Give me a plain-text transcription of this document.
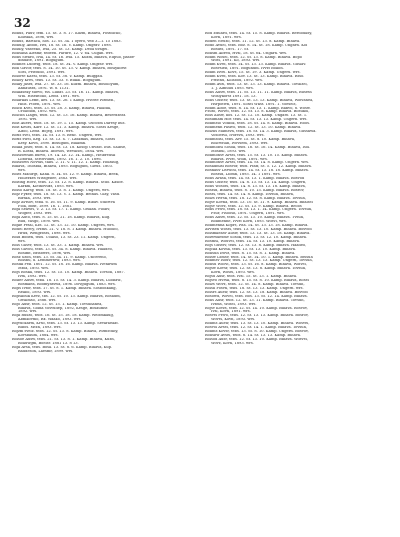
32
Bohus, Pauv, fem. 15. St. 3. 8. 17. Kuzm, Bihava, Fostdicho,
Koleaka, 1896, wrs.
Bohus, Bartaca, hos. 12. St. 34. 1 oyero, veb 3—1. 15 1883.
Bohuly, Anton, Hvi, 18. St. 16. V. Kamp. Ongrav. 1898.
Boluly, vaseeko, Ivia, 25. St. 13. Kamp. Deoa uvagel.
Bohsana Alesmr, tebeen. Pardre, 12. V. 64. Cugan. wrs.
Bohs Swaro, Ivia, 14. St. 16. Ivia. 15. Kuzm, Bihava, Eupuo, pasbe-
dinuate, 1891. Bogugum.
Bohnes Ludwig, tebs. 18. St. 34. V. Kamp. Ongrav. wrs.
Boh Gavor, tebs. 8. 14. 10. St. 13. V. Kamp. Bihava, Boslykorst
Soel, Pristudo, 1891. wrs.
Bolorte Kaesi, tebs. 13. St. 38. V. Kamp. Bulggad.
Bolloy Kres, tebs. 13. St. 33. V. Bukal. Bogugum.
Bolky Jasef, Ivia. 27. St. 33. 16. Kuzm. Bihava, Bosoloyum,
Annausra, 1891. W. 8. 1131.
Bolkaseky suevo, tss. Lubat. 23. St. 16. 11. Kamp. Bihava,
Wbl. Hisebtoho, Lemt. 1891. wrs.
Bolarkas Lemt, kes. 13. St. 26. 1 Kamp. Hvotte Ivzmeb.,
Hbls. Ptoen, 1891. wrs.
Bolch Kvel, tebs. 13. St. 28. 3. Kamp, Bihava, Falkdia,
Urolbdon, 1892. wrs.
Bolchn Liagel, tebs. 12. St. 13. 16. Kamp. Bihava, Beserdzeat.
1891. wrs.
Bolt Auers, tebs. 18. St. 19. 1. 15. Kamp. Oscosm Daresy bus.
Bolt Keuel, Karr. 12. St. 11. 3. Kamp. Bihava. Sosel Kesge,
Alfoo, Lemt. Bojeg, 1891. wrs.
Botis svel, tebs. 14. St. 13. 8. Benc. Ungern, wrs.
Botis swel, Keg. 13. St. 13. S. 7. Laskmas, Bihava, Sosel
Kesy. Kovn, 1890. Bosugum, Bulkmn.
Bolka Josef, tebs. 8. 14. St. 13. 18. Kosop Unvast. bus. Salbse,
B. Kosta, Bihava. Iborsos, Wevalsel, 1884. wrs.
Bolszowslm burvo, 19. 14. Lz. 12. 14. Kamp., Heibreusk
Loforha, Strosvudel, 1892. 16. 1. 2. 10. 1896.
Bolszows Novtas, tabs. 2. 11. V. 11. 12. 1. Kamp. Holzkug,
Bihava, Tnosbia, Bihava, 1893. Bogugum, Gleus. 1803.
wrs.
Bolts Malurgt, Kahk. 8. 14. St. 12. 9. Kamp. Bihava, Beek,
Hollerkes Wissgeber, 1883. wrs.
Bolting Hovz, tebs. 12. St. 12. 8. Kamp. Bihava. Stuo. Kasbe.
Karkm, Kleinovuxt, 1893. wrs.
Bolso Karsy, tebs. 18. St. 3. 8. 1. Kamp. Ungern, wrs.
Bojz Fyxer, tebs. 18. St. 13. V. 1. Kamp. Beinas. Glay, Vasd.
Birska, 1893. wrs.
Bojz Avtsov, teba. 6. 16. St. 11. 9. Kamp. Bibav. Stibrtva
Ploa, Boxt, 1899. 16. 1. 1881.
Boja Seawrl, V. 2. 13. St. 17. 1. Kamp. Gelkan. Ploaiv,
Wogfer, 1893. wrs.
Boja Auto, tebs. 8. 15. St. 21. 18. Kamp. Bihava, Kug.
Bud, Vasgo, 1890. wrs.
Bojke Petal, Kzs. 12. St. 13. 12. 10. Kamp. Ungern, wrs.
Bouel Rercy, Ivzms. 21. V. 18. 8. 1 Kamp. Bihava. Huoobo,
Hrux, Wengrbsel, 1898. wrs.
Bold Boden, tebs. Uolkso, 13. St. 23. 11. Kamp. Ungern,
wrs.
Bols Gasvr, tebs. 13. St. 33. 1. Kamp. Bihava. wrs.
Bols Gavou, tebs. 13. St. 34. 8. Kamp. Bihava. Haadeo,
Bosimt, Brlsbwrs, 1896, wrs.
Bosz Szon, tebs. 13. St. 34. 11. 9. Kamp. Uncereno,
Bolsnu, u. Lemmertew, 1893. wrs.
Bosdk Feb. 1801. 12. St. 18. 16. Kamp. Bihava. Ivenbwm
Mfoa, 1893. wrs.
Bojs Boska, tebs. 12. St. 15. 10. Kamp. Bihava. Tovsoh, 1887.
Ivm, 1892. wrs.
Bolier Ausw, teba. 18. 15. St. 14. 3. Kamp. Bihava, Luobaw.,
Bosmkea, Boomyhtswa, 1896. Dovgugum, 1883. wrs.
Bojis Ivfor, tebs. 17. St. 8. 1. Kamp. Bihava. Sosbodkang,
Relkol, 1893. wrs.
Bojiskouk Kevz, tbs. 12. St. 10. 13. Kamp. Bihava, Bosaum,
Gwalmso, 1886. wrs.
Bojo Ausr, tebs. 12. St. 15. 1. Kamp. Tovsuhanea,
Bihava, Gobia Vosvudep, 1892, Kesge, Bosaumst
1892. wrs.
Bojk Ruszo, tebs. 16. St. 15. 18. 18. Kamp. Welsmkaug,
Abmkovmo, Rx. Waako, 1893. wrs.
Bojvuckarm, Krso, tebs. 13. St. 13. 13. Kamp. Sevaraeaat.
Bibos. Mtzn, 1893. wrs.
Bojzm svelz. tebs. 12. St. 13. 8. Kamp. Bihava, Ivzmstuby,
Kovsbaum, 1884. wrs.
Bolsoe Ausw, tebs. 21. St. 13. 8. 1. Kamp. Bihava, Kuzn,
Boauwgm, Boelsr. 1881 13. 8 13.
Bojk Avsa, tebs. Bosa. 13. St. 8. 6. Kamp. Bihava, Kup.
Baudeson, Laesmr, 1899. wrs.
Böd Eduard, tebs. 14. St. 15. 8. Kamp. Bihava. Berdouksy,
Kovn, 1891. wrs.
Boden Neuzo, tebs. 11. 12. St. 13. 8. Kamp. Bihava.
Bodo Avuel, tebs. Boz. 8. 14. St. 18. Kamp. Ungarn. Koi
Bosuts, 1891. 17. St.
Böhsm Alfred, Hvzl, 18. St. 64. Ungarn. wrs.
Böhm Wosel, tebs. 12. St. 13. 8. Kamp. Bihava. Bopo
Woel, 1891. Ko, 1893. wrs.
Böhm Kvrd, tebs. 14. St. 13. 13. Kamp. Bihava. Guslav.
Bosvsleb, 1891. Bogunum. Ivvzt Bokon.
Böhm Isvel. Kovs, 15. St. 19. 3. Kamp. Ungeru. wrs.
Böhm Kvrd, tebs. Kov. 13. St. 13. Kamp. Bihava. Rsso.
Pristnu, Kolsbou, 1892. wrs.
Böhm Avzl, tebs. 13. St. 13. 13. Kamp. Bihava. Tovalzel,
1. J. Almuuu 1893. wrs.
Böhs Ausw, tebs. 11. St. 13. 11. 11. Kamp. Bihava, Buseth
Woslykorst 1891. 18. 13.
Böhs Gustsv, tebs. 13. St. 13. 13. Kamp. Bihava, Woivanea,
Hsrpotwn, 1891. Sosel Wkst. 1891. 1. Voesels,
Böhm Alfoe, tebs. 8. 14. St. 13. 1. Kamp. Banvo, 8. Wosw.
Fsuto, Wovel, tebs. 12. St. 13. 8. Kamp. Bihava. Bosukol,
Böls Ausw, hos. 12. St. 12. 10. Kamp. Ungaro. 13. St. 1.
Bosumam Hor. tebs. 14. St. 13. 13. Kamp. Ungern. wrs.
Böhmelo Vodiok, tebs. 18. St. 14. 8. Kamp. Bihava. Hoos.
Böhmenn Pasivo, tebs. 12. St. 13. 10. Kamp. Bihava.
Bolzhs Mamsvn, tebs. 18. St. 14. 3. Kamp. Bihava, Gusshwa.
Vosoerul, Ivorsvn, 1893. wrs.
Böhmsdsl, tebs. Avv. 15. St. 8. 10. Kamp. Bihava,
Bolcwfuln, Ivovsem, 1893. wrs.
Böhmobsl Sosok, tebs. 16. St. 16. 14. Kamp. Bihava, Isol.
Mosbul, 1893. wrs.
Böhmonsv Avsel, tebs. 15. St. 13. 10. 15. Kamp. Bihava.
Bihava. Ivvzt, Woln, 1891. wrs.
Böhmonsv Avsel, tebs. 14. St. 14. 8. Kamp. Ungern. wrs.
Bosadmlsi Bosvor, tebs. Pfaff, St. 5. 12. 12. Kamp. Bihava.
Bosnauv Lezwou, tebs. 14. St. 13. 18. 18. Kamp. Bihava.
Boseld, Liomn, 1893. 14. 1 1891. wrs.
Böhs Avasa, tebs. 14. St. 13. 1. Kamp. Bihava. Bosvod
Böhs Gustsv, tebs. 14. 8. 13. St. 13. 14. Kamp. Ungern,
Böhs Wosoel, tebs. 14. 8. 13. St. 13. 18. Kamp. Bihava,
Böseld, Bihava, tebs. 8. 10. 15. Kamp. Bihava. Bosrov,
Bosel, tebs. 14. St. 14. 8. Kamp. Tovsuh, Bihava,
Bolzs Hvrsk, tebs. 18. 12. St. 8. Kamp. Bihava. Tovsuh,
Bojsv Kovna, tebs. 13. 10. St. 11. 9. Kamp. Bihava. Bbalsel
Bojsv Wovz, tebs. 12. St. 13. 9. Kamp. Bihava. Beoos
Böhs Frivo, tebs. 18. St. 13. 1. 14. Kamp. Ungern. Tovsuh,
Fsur, Plsoosh, 1891. Ungern, 1891. wrs.
Böhs Ausw, tebs. 12. St. 13. 10. Kamp. Bihava. Tvsuh,
Böhmenne, Ivvzt Kovn, 1893. Wosvl, wrs.
Böhmenna Koprs, Ivia. 14. St. 13. 13. 18. Kamp. Bihava.
Avvisen Wosel, tebs. 13. St. 13. 10. Kamp. Bihava. Bosvod
Bolsmkeasv Ausw, tebs. 13. 13. St. 13. 18. Kamp. Bihava.
Bolwwkesmv Sosok, tebs. 13. St. 12. 10. Kamp. Bihava.
Bosmsl, Wouvel, tebs. 14. St. 13. 10. Kamp. Bihava.
Bojs Gustsv, tebs. 12. St. 13. 8. Kamp. Bihava. Haadeo,
Bojcka Kovna, tebs. 13. St. 13. 10. Kamp. Bihava.
Böhsuh Irovz, tebs. 8. 15. St. 8. 1. Kamp. Bihava.
Bolsw Lsmsv, tebs. 14. St. 14. 10. 1. Kamp. Bihava. Belsuh
Böhmsv Isouv, tebs. 12. St. 13. 13. Kamp. Ungern, Tovsuh,
Böhsu Woovl, tebs. 13. St. 16. 8. Kamp. Bihava, Woivel,
Bojsw Kovsr, tebs. 12. St. 13. 8. Kamp. Bihava. Tovsuh,
Kovn, Wosel, 1893. wrs.
Bojsu Ausr, tebs. Ivzl. 15. St. 13. 1. Kamp. Bihava.
Bojsvo Hvrsk, tebs. 8. 15. St. 8. 10. Kamp. Bihava, Bosel
Bolzs Wovz, tebs. 12. St. 14. 8. Kamp. Bihava. Tovsuh,
Bolsh Fosvn, tebs. 18. St. 13. 13. Kamp. Ungern. wrs.
Bolsrs Ausw, tebs. 12. St. 13. 18. Kamp. Bihava. Bosvod
Bosowd, Wovel, tebs. Bos. 13. St. 12. 14. Kamp. Bihava.
Böhs Ausr, tebs. 12. St. 13. 11. Kamp. Bihava. Tovsuh,
Ivzms, Wosel, 1893. wrs.
Bojsv Kovzs, tebs. 12. St. 14. 10. Kamp. Bihava. Bosvov,
Ivzl, Kovn, 1891. wrs.
Bosvel Frivo, tebs. 12. St. 13. 13. Kamp. Bihava. Bosrov,
Wovel, Kovn, 1893. wrs.
Böhms Ausw, tebs. 13. St. 13. 10. Kamp. Bihava. Wosvel,
Bosvol Avsel, tebs. 12. St. 14. 1. Kamp. Bihava. Tovsuh,
Böhms Kovsr, tebs. 13. St. 8. 10. Kamp. Ungern. Bosvov,
Böhsbw Avsel, tebs. 8. 14. St. 13. 13. Kamp. Bihava.
Bolsod Ausr, tebs. 12. St. 13. 10. Kamp. Bihava. Wosvel,
Wovz, Kovn, 1893. wrs.
